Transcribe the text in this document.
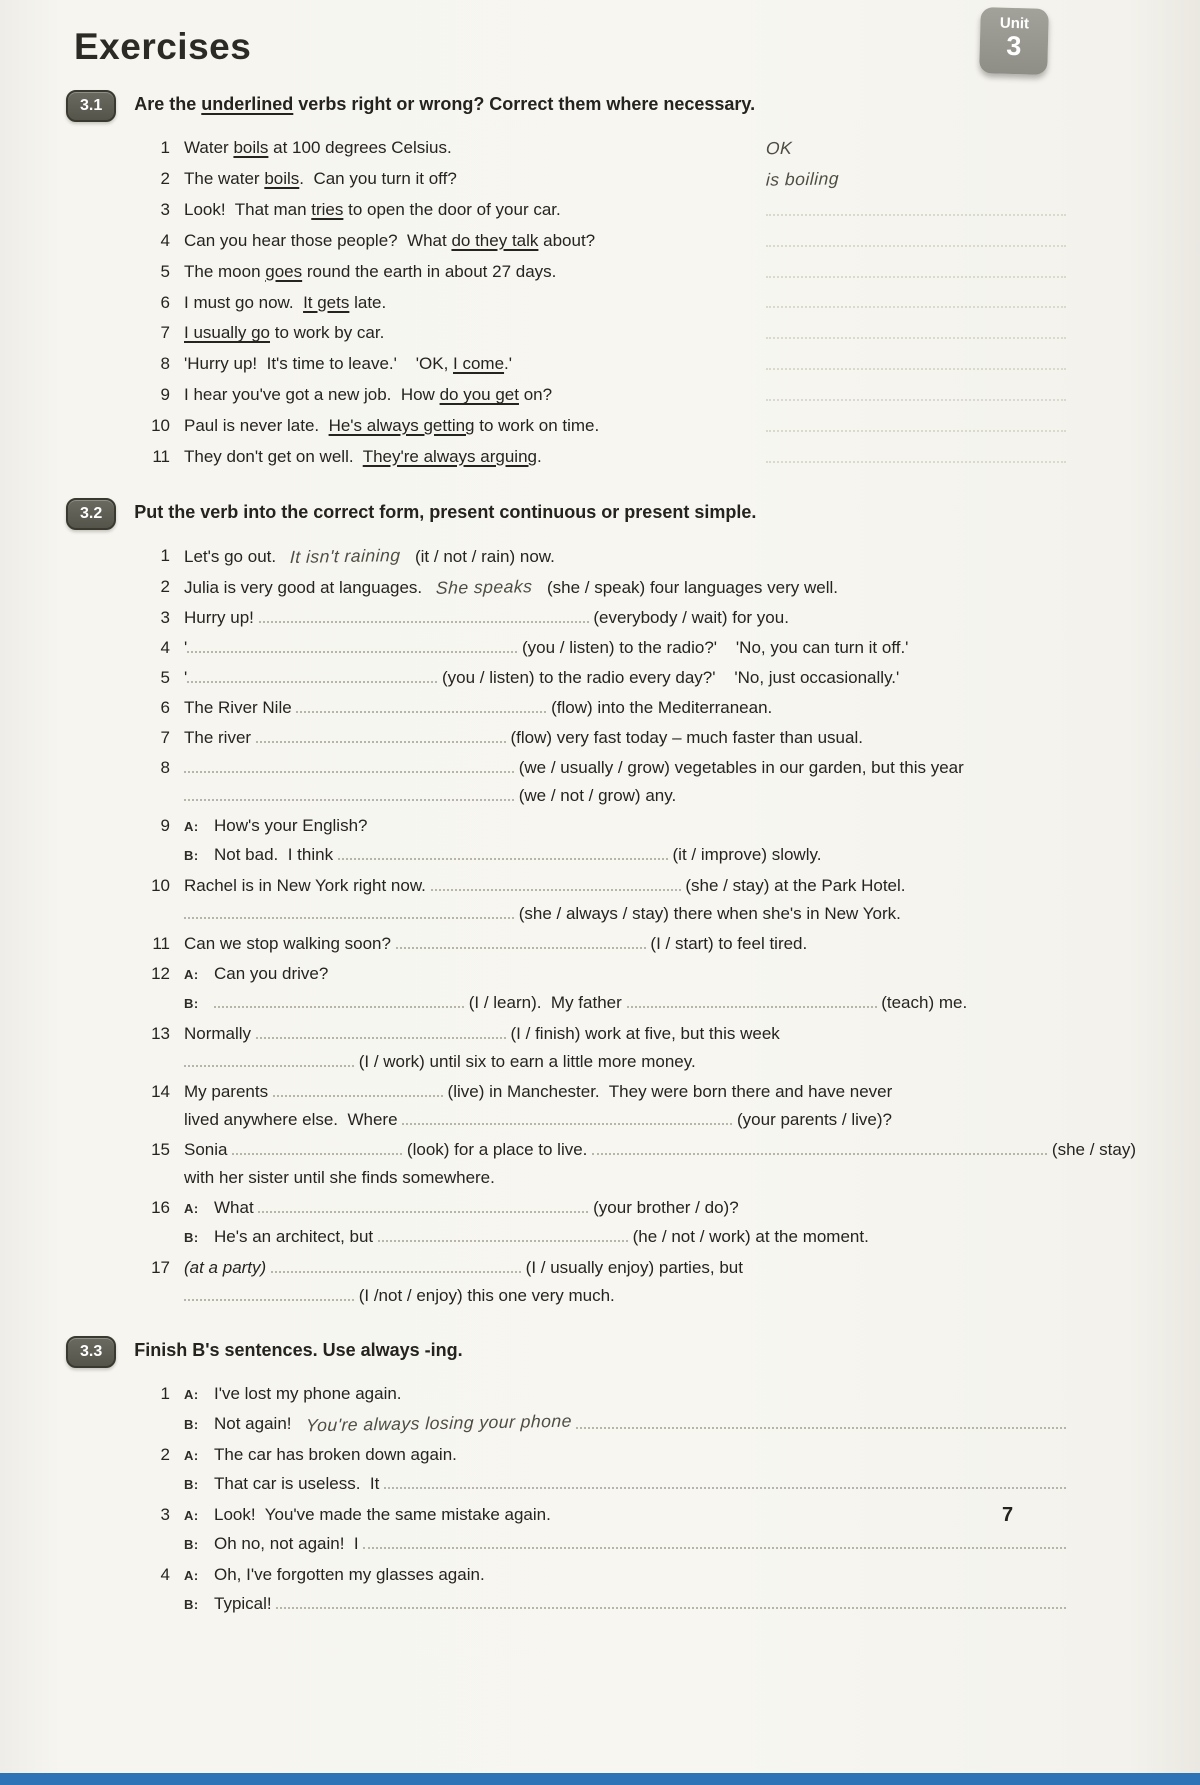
Unit
3
Exercises
3.1	Are the underlined verbs right or wrong? Correct them where necessary.
1 Water boils at 100 degrees Celsius.	OK
2 The water boils.  Can you turn it off?	is boiling
3 Look!  That man tries to open the door of your car.
4 Can you hear those people?  What do they talk about?
5 The moon goes round the earth in about 27 days.
6 I must go now.  It gets late.
7 I usually go to work by car.
8 'Hurry up!  It's time to leave.'    'OK, I come.'
9 I hear you've got a new job.  How do you get on?
10 Paul is never late.  He's always getting to work on time.
11 They don't get on well.  They're always arguing.
3.2	Put the verb into the correct form, present continuous or present simple.
1 Let's go out. It isn't raining (it / not / rain) now.
2 Julia is very good at languages. She speaks (she / speak) four languages very well.
3 Hurry up!	(everybody / wait) for you.
4 '	(you / listen) to the radio?'    'No, you can turn it off.'
5 '	(you / listen) to the radio every day?'    'No, just occasionally.'
6 The River Nile	(flow) into the Mediterranean.
7 The river	(flow) very fast today – much faster than usual.
8	(we / usually / grow) vegetables in our garden, but this year
(we / not / grow) any.
9 A: How's your English?
B: Not bad.  I think	(it / improve) slowly.
10 Rachel is in New York right now.	(she / stay) at the Park Hotel.
(she / always / stay) there when she's in New York.
11 Can we stop walking soon?	(I / start) to feel tired.
12 A: Can you drive?
B:	(I / learn).  My father	(teach) me.
13 Normally	(I / finish) work at five, but this week
(I / work) until six to earn a little more money.
14 My parents	(live) in Manchester.  They were born there and have never
lived anywhere else.  Where	(your parents / live)?
15 Sonia	(look) for a place to live.	(she / stay)
with her sister until she finds somewhere.
16 A: What	(your brother / do)?
B: He's an architect, but	(he / not / work) at the moment.
17 (at a party)
	(I / usually enjoy) parties, but
(I /not / enjoy) this one very much.
3.3	Finish B's sentences. Use always -ing.
1 A: I've lost my phone again.
B: Not again! You're always losing your phone

2 A: The car has broken down again.
B: That car is useless.  It
3 A: Look!  You've made the same mistake again.
B: Oh no, not again!  I
4 A: Oh, I've forgotten my glasses again.
B: Typical!
7
